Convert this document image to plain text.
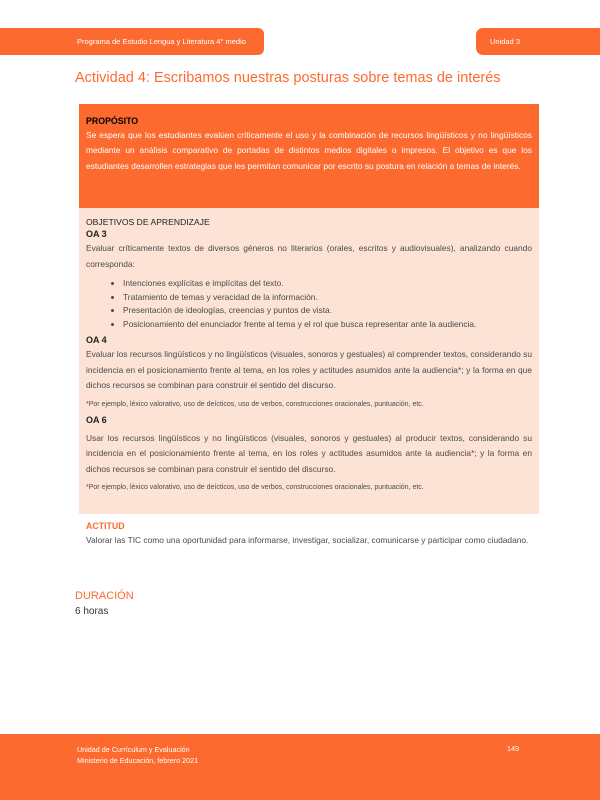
Programa de Estudio Lengua y Literatura 4° medio	Unidad 3
Actividad 4: Escribamos nuestras posturas sobre temas de interés
PROPÓSITO

Se espera que los estudiantes evalúen críticamente el uso y la combinación de recursos lingüísticos y no lingüísticos mediante un análisis comparativo de portadas de distintos medios digitales o impresos. El objetivo es que los estudiantes desarrollen estrategias que les permitan comunicar por escrito su postura en relación a temas de interés.

OBJETIVOS DE APRENDIZAJE
OA 3

Evaluar críticamente textos de diversos géneros no literarios (orales, escritos y audiovisuales), analizando cuando corresponda:

• Intenciones explícitas e implícitas del texto.
• Tratamiento de temas y veracidad de la información.
• Presentación de ideologías, creencias y puntos de vista.
• Posicionamiento del enunciador frente al tema y el rol que busca representar ante la audiencia.
OA 4

Evaluar los recursos lingüísticos y no lingüísticos (visuales, sonoros y gestuales) al comprender textos, considerando su incidencia en el posicionamiento frente al tema, en los roles y actitudes asumidos ante la audiencia*; y la forma en que dichos recursos se combinan para construir el sentido del discurso.

*Por ejemplo, léxico valorativo, uso de deícticos, uso de verbos, construcciones oracionales, puntuación, etc.
OA 6

Usar los recursos lingüísticos y no lingüísticos (visuales, sonoros y gestuales) al producir textos, considerando su incidencia en el posicionamiento frente al tema, en los roles y actitudes asumidos ante la audiencia*; y la forma en dichos recursos se combinan para construir el sentido del discurso.

*Por ejemplo, léxico valorativo, uso de deícticos, uso de verbos, construcciones oracionales, puntuación, etc.
ACTITUD

Valorar las TIC como una oportunidad para informarse, investigar, socializar, comunicarse y participar como ciudadano.

DURACIÓN
6 horas
Unidad de Currículum y Evaluación
Ministerio de Educación, febrero 2021
149
